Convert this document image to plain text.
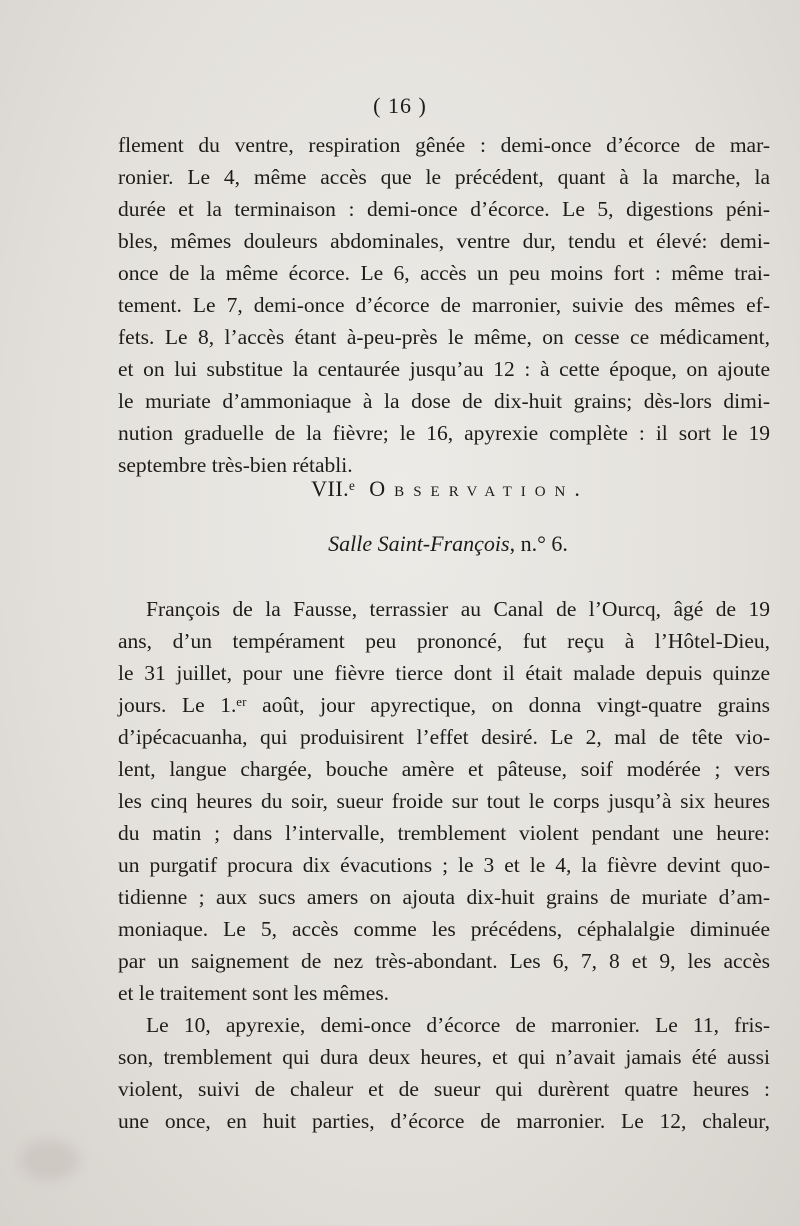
( 16 )
flement du ventre, respiration gênée : demi-once d’écorce de mar-
ronier. Le 4, même accès que le précédent, quant à la marche, la
durée et la terminaison : demi-once d’écorce. Le 5, digestions péni-
bles, mêmes douleurs abdominales, ventre dur, tendu et élevé: demi-
once de la même écorce. Le 6, accès un peu moins fort : même trai-
tement. Le 7, demi-once d’écorce de marronier, suivie des mêmes ef-
fets. Le 8, l’accès étant à-peu-près le même, on cesse ce médicament,
et on lui substitue la centaurée jusqu’au 12 : à cette époque, on ajoute
le muriate d’ammoniaque à la dose de dix-huit grains; dès-lors dimi-
nution graduelle de la fièvre; le 16, apyrexie complète : il sort le 19
septembre très-bien rétabli.
VII.ᵉ Observation.
Salle Saint-François, n.° 6.
François de la Fausse, terrassier au Canal de l’Ourcq, âgé de 19
ans, d’un tempérament peu prononcé, fut reçu à l’Hôtel-Dieu,
le 31 juillet, pour une fièvre tierce dont il était malade depuis quinze
jours. Le 1.ᵉʳ août, jour apyrectique, on donna vingt-quatre grains
d’ipécacuanha, qui produisirent l’effet desiré. Le 2, mal de tête vio-
lent, langue chargée, bouche amère et pâteuse, soif modérée ; vers
les cinq heures du soir, sueur froide sur tout le corps jusqu’à six heures
du matin ; dans l’intervalle, tremblement violent pendant une heure:
un purgatif procura dix évacutions ; le 3 et le 4, la fièvre devint quo-
tidienne ; aux sucs amers on ajouta dix-huit grains de muriate d’am-
moniaque. Le 5, accès comme les précédens, céphalalgie diminuée
par un saignement de nez très-abondant. Les 6, 7, 8 et 9, les accès
et le traitement sont les mêmes.
Le 10, apyrexie, demi-once d’écorce de marronier. Le 11, fris-
son, tremblement qui dura deux heures, et qui n’avait jamais été aussi
violent, suivi de chaleur et de sueur qui durèrent quatre heures :
une once, en huit parties, d’écorce de marronier. Le 12, chaleur,
